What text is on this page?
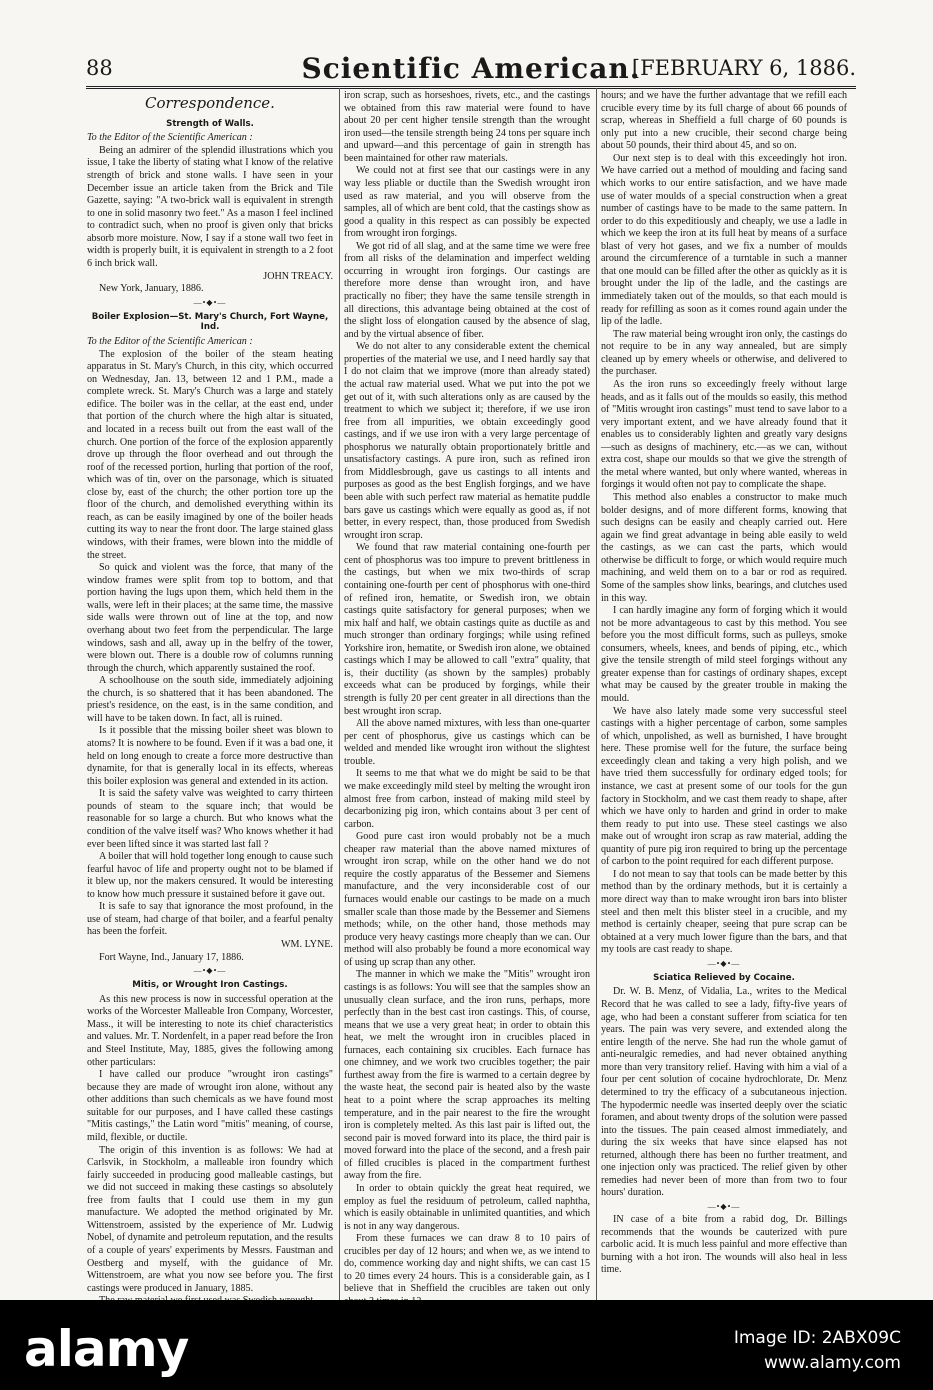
88	Scientific American.
[FEBRUARY 6, 1886.
Correspondence.
Strength of Walls.

To the Editor of the Scientific American :

Being an admirer of the splendid illustrations which you issue, I take the liberty of stating what I know of the relative strength of brick and stone walls. I have seen in your December issue an article taken from the Brick and Tile Gazette, saying: "A two-brick wall is equivalent in strength to one in solid masonry two feet." As a mason I feel inclined to contradict such, when no proof is given only that bricks absorb more moisture. Now, I say if a stone wall two feet in width is properly built, it is equivalent in strength to a 2 foot 6 inch brick wall.

JOHN TREACY.

New York, January, 1886.

—•◆•—
Boiler Explosion—St. Mary's Church, Fort Wayne, Ind.

To the Editor of the Scientific American :

The explosion of the boiler of the steam heating apparatus in St. Mary's Church, in this city, which occurred on Wednesday, Jan. 13, between 12 and 1 P.M., made a complete wreck. St. Mary's Church was a large and stately edifice. The boiler was in the cellar, at the east end, under that portion of the church where the high altar is situated, and located in a recess built out from the east wall of the church. One portion of the force of the explosion apparently drove up through the floor overhead and out through the roof of the recessed portion, hurling that portion of the roof, which was of tin, over on the parsonage, which is situated close by, east of the church; the other portion tore up the floor of the church, and demolished everything within its reach, as can be easily imagined by one of the boiler heads cutting its way to near the front door. The large stained glass windows, with their frames, were blown into the middle of the street.

So quick and violent was the force, that many of the window frames were split from top to bottom, and that portion having the lugs upon them, which held them in the walls, were left in their places; at the same time, the massive side walls were thrown out of line at the top, and now overhang about two feet from the perpendicular. The large windows, sash and all, away up in the belfry of the tower, were blown out. There is a double row of columns running through the church, which apparently sustained the roof.

A schoolhouse on the south side, immediately adjoining the church, is so shattered that it has been abandoned. The priest's residence, on the east, is in the same condition, and will have to be taken down. In fact, all is ruined.

Is it possible that the missing boiler sheet was blown to atoms? It is nowhere to be found. Even if it was a bad one, it held on long enough to create a force more destructive than dynamite, for that is generally local in its effects, whereas this boiler explosion was general and extended in its action.

It is said the safety valve was weighted to carry thirteen pounds of steam to the square inch; that would be reasonable for so large a church. But who knows what the condition of the valve itself was? Who knows whether it had ever been lifted since it was started last fall ?

A boiler that will hold together long enough to cause such fearful havoc of life and property ought not to be blamed if it blew up, nor the makers censured. It would be interesting to know how much pressure it sustained before it gave out.

It is safe to say that ignorance the most profound, in the use of steam, had charge of that boiler, and a fearful penalty has been the forfeit.

WM. LYNE.

Fort Wayne, Ind., January 17, 1886.

—•◆•—
Mitis, or Wrought Iron Castings.

As this new process is now in successful operation at the works of the Worcester Malleable Iron Company, Worcester, Mass., it will be interesting to note its chief characteristics and values. Mr. T. Nordenfelt, in a paper read before the Iron and Steel Institute, May, 1885, gives the following among other particulars:

I have called our produce "wrought iron castings" because they are made of wrought iron alone, without any other additions than such chemicals as we have found most suitable for our purposes, and I have called these castings "Mitis castings," the Latin word "mitis" meaning, of course, mild, flexible, or ductile.

The origin of this invention is as follows: We had at Carlsvik, in Stockholm, a malleable iron foundry which fairly succeeded in producing good malleable castings, but we did not succeed in making these castings so absolutely free from faults that I could use them in my gun manufacture. We adopted the method originated by Mr. Wittenstroem, assisted by the experience of Mr. Ludwig Nobel, of dynamite and petroleum reputation, and the results of a couple of years' experiments by Messrs. Faustman and Oestberg and myself, with the guidance of Mr. Wittenstroem, are what you now see before you. The first castings were produced in January, 1885.

iron scrap, such as horseshoes, rivets, etc., and the castings we obtained from this raw material were found to have about 20 per cent higher tensile strength than the wrought iron used—the tensile strength being 24 tons per square inch and upward—and this percentage of gain in strength has been maintained for other raw materials.

We could not at first see that our castings were in any way less pliable or ductile than the Swedish wrought iron used as raw material, and you will observe from the samples, all of which are bent cold, that the castings show as good a quality in this respect as can possibly be expected from wrought iron forgings.

We got rid of all slag, and at the same time we were free from all risks of the delamination and imperfect welding occurring in wrought iron forgings. Our castings are therefore more dense than wrought iron, and have practically no fiber; they have the same tensile strength in all directions, this advantage being obtained at the cost of the slight loss of elongation caused by the absence of slag, and by the virtual absence of fiber.

We do not alter to any considerable extent the chemical properties of the material we use, and I need hardly say that I do not claim that we improve (more than already stated) the actual raw material used. What we put into the pot we get out of it, with such alterations only as are caused by the treatment to which we subject it; therefore, if we use iron free from all impurities, we obtain exceedingly good castings, and if we use iron with a very large percentage of phosphorus we naturally obtain proportionately brittle and unsatisfactory castings. A pure iron, such as refined iron from Middlesbrough, gave us castings to all intents and purposes as good as the best English forgings, and we have been able with such perfect raw material as hematite puddle bars gave us castings which were equally as good as, if not better, in every respect, than, those produced from Swedish wrought iron scrap.

We found that raw material containing one-fourth per cent of phosphorus was too impure to prevent brittleness in the castings, but when we mix two-thirds of scrap containing one-fourth per cent of phosphorus with one-third of refined iron, hematite, or Swedish iron, we obtain castings quite satisfactory for general purposes; when we mix half and half, we obtain castings quite as ductile as and much stronger than ordinary forgings; while using refined Yorkshire iron, hematite, or Swedish iron alone, we obtained castings which I may be allowed to call "extra" quality, that is, their ductility (as shown by the samples) probably exceeds what can be produced by forgings, while their strength is fully 20 per cent greater in all directions than the best wrought iron scrap.

All the above named mixtures, with less than one-quarter per cent of phosphorus, give us castings which can be welded and mended like wrought iron without the slightest trouble.

It seems to me that what we do might be said to be that we make exceedingly mild steel by melting the wrought iron almost free from carbon, instead of making mild steel by decarbonizing pig iron, which contains about 3 per cent of carbon.

Good pure cast iron would probably not be a much cheaper raw material than the above named mixtures of wrought iron scrap, while on the other hand we do not require the costly apparatus of the Bessemer and Siemens manufacture, and the very inconsiderable cost of our furnaces would enable our castings to be made on a much smaller scale than those made by the Bessemer and Siemens methods; while, on the other hand, those methods may produce very heavy castings more cheaply than we can. Our method will also probably be found a more economical way of using up scrap than any other.

The manner in which we make the "Mitis" wrought iron castings is as follows: You will see that the samples show an unusually clean surface, and the iron runs, perhaps, more perfectly than in the best cast iron castings. This, of course, means that we use a very great heat; in order to obtain this heat, we melt the wrought iron in crucibles placed in furnaces, each containing six crucibles. Each furnace has one chimney, and we work two crucibles together; the pair furthest away from the fire is warmed to a certain degree by the waste heat, the second pair is heated also by the waste heat to a point where the scrap approaches its melting temperature, and in the pair nearest to the fire the wrought iron is completely melted. As this last pair is lifted out, the second pair is moved forward into its place, the third pair is moved forward into the place of the second, and a fresh pair of filled crucibles is placed in the compartment furthest away from the fire.

In order to obtain quickly the great heat required, we employ as fuel the residuum of petroleum, called naphtha, which is easily obtainable in unlimited quantities, and which is not in any way dangerous.

From these furnaces we can draw 8 to 10 pairs of crucibles per day of 12 hours; and when we, as we intend to do, commence working day and night shifts, we can cast 15 to 20 times every 24 hours. This is a considerable gain, as I believe that in Sheffield the crucibles are taken out only

hours; and we have the further advantage that we refill each crucible every time by its full charge of about 66 pounds of scrap, whereas in Sheffield a full charge of 60 pounds is only put into a new crucible, their second charge being about 50 pounds, their third about 45, and so on.

Our next step is to deal with this exceedingly hot iron. We have carried out a method of moulding and facing sand which works to our entire satisfaction, and we have made use of water moulds of a special construction when a great number of castings have to be made to the same pattern. In order to do this expeditiously and cheaply, we use a ladle in which we keep the iron at its full heat by means of a surface blast of very hot gases, and we fix a number of moulds around the circumference of a turntable in such a manner that one mould can be filled after the other as quickly as it is brought under the lip of the ladle, and the castings are immediately taken out of the moulds, so that each mould is ready for refilling as soon as it comes round again under the lip of the ladle.

The raw material being wrought iron only, the castings do not require to be in any way annealed, but are simply cleaned up by emery wheels or otherwise, and delivered to the purchaser.

As the iron runs so exceedingly freely without large heads, and as it falls out of the moulds so easily, this method of "Mitis wrought iron castings" must tend to save labor to a very important extent, and we have already found that it enables us to considerably lighten and greatly vary designs—such as designs of machinery, etc.—as we can, without extra cost, shape our moulds so that we give the strength of the metal where wanted, but only where wanted, whereas in forgings it would often not pay to complicate the shape.

This method also enables a constructor to make much bolder designs, and of more different forms, knowing that such designs can be easily and cheaply carried out. Here again we find great advantage in being able easily to weld the castings, as we can cast the parts, which would otherwise be difficult to forge, or which would require much machining, and weld them on to a bar or rod as required. Some of the samples show links, bearings, and clutches used in this way.

I can hardly imagine any form of forging which it would not be more advantageous to cast by this method. You see before you the most difficult forms, such as pulleys, smoke consumers, wheels, knees, and bends of piping, etc., which give the tensile strength of mild steel forgings without any greater expense than for castings of ordinary shapes, except what may be caused by the greater trouble in making the mould.

We have also lately made some very successful steel castings with a higher percentage of carbon, some samples of which, unpolished, as well as burnished, I have brought here. These promise well for the future, the surface being exceedingly clean and taking a very high polish, and we have tried them successfully for ordinary edged tools; for instance, we cast at present some of our tools for the gun factory in Stockholm, and we cast them ready to shape, after which we have only to harden and grind in order to make them ready to put into use. These steel castings we also make out of wrought iron scrap as raw material, adding the quantity of pure pig iron required to bring up the percentage of carbon to the point required for each different purpose.

I do not mean to say that tools can be made better by this method than by the ordinary methods, but it is certainly a more direct way than to make wrought iron bars into blister steel and then melt this blister steel in a crucible, and my method is certainly cheaper, seeing that pure scrap can be obtained at a very much lower figure than the bars, and that my tools are cast ready to shape.

—•◆•—
Sciatica Relieved by Cocaine.

Dr. W. B. Menz, of Vidalia, La., writes to the Medical Record that he was called to see a lady, fifty-five years of age, who had been a constant sufferer from sciatica for ten years. The pain was very severe, and extended along the entire length of the nerve. She had run the whole gamut of anti-neuralgic remedies, and had never obtained anything more than very transitory relief. Having with him a vial of a four per cent solution of cocaine hydrochlorate, Dr. Menz determined to try the efficacy of a subcutaneous injection. The hypodermic needle was inserted deeply over the sciatic foramen, and about twenty drops of the solution were passed into the tissues. The pain ceased almost immediately, and during the six weeks that have since elapsed has not returned, although there has been no further treatment, and one injection only was practiced. The relief given by other remedies had never been of more than from two to four hours' duration.

—•◆•—

IN case of a bite from a rabid dog, Dr. Billings recommends that the wounds be cauterized with pure carbolic acid. It is much less painful and more effective than burning with a hot iron. The wounds will also heal in less time.

alamy	Image ID: 2ABX09C
www.alamy.com
